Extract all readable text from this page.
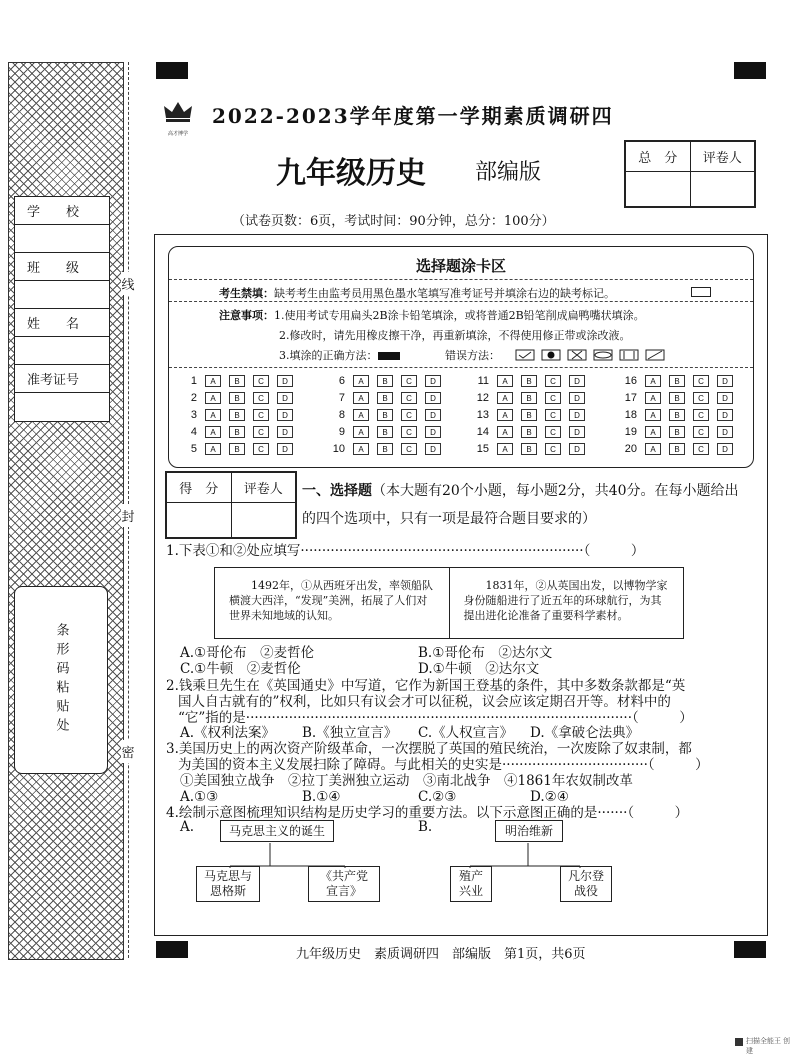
学　　校
班　　级
姓　　名
准考证号
条形码粘贴处
线
封
密
高才博学
2022-2023学年度第一学期素质调研四
九年级历史 部编版
总　分	评卷人

（试卷页数：6页，考试时间：90分钟，总分：100分）
选择题涂卡区
考生禁填：缺考考生由监考员用黑色墨水笔填写准考证号并填涂右边的缺考标记。
注意事项：1.使用考试专用扁头2B涂卡铅笔填涂，或将普通2B铅笔削成扁鸭嘴状填涂。
2.修改时，请先用橡皮擦干净，再重新填涂，不得使用修正带或涂改液。
3.填涂的正确方法：	错误方法：
1	A	B	C	D
2	A	B	C	D
3	A	B	C	D
4	A	B	C	D
5	A	B	C	D
6	A	B	C	D
7	A	B	C	D
8	A	B	C	D
9	A	B	C	D
10	A	B	C	D
11	A	B	C	D
12	A	B	C	D
13	A	B	C	D
14	A	B	C	D
15	A	B	C	D
16	A	B	C	D
17	A	B	C	D
18	A	B	C	D
19	A	B	C	D
20	A	B	C	D
得　分	评卷人
	一、选择题（本大题有20个小题，每小题2分，共40分。在每小题给出
的四个选项中，只有一项是最符合题目要求的）
1.下表①和②处应填写··································································（　　　）
1492年，①从西班牙出发，率领船队横渡大西洋，“发现”美洲，拓展了人们对世界未知地域的认知。
1831年，②从英国出发，以博物学家身份随船进行了近五年的环球航行，为其提出进化论准备了重要科学素材。
A.①哥伦布　②麦哲伦	B.①哥伦布　②达尔文
C.①牛顿　②麦哲伦	D.①牛顿　②达尔文
2.钱乘旦先生在《英国通史》中写道，它作为新国王登基的条件，其中多数条款都是“英
国人自古就有的”权利，比如只有议会才可以征税，议会应该定期召开等。材料中的
“它”指的是··························································································（　　　）
A.《权利法案》 B.《独立宣言》 C.《人权宣言》 D.《拿破仑法典》
3.美国历史上的两次资产阶级革命，一次摆脱了英国的殖民统治，一次废除了奴隶制，都
为美国的资本主义发展扫除了障碍。与此相关的史实是··································（　　　）
①美国独立战争　②拉丁美洲独立运动　③南北战争　④1861年农奴制改革
A.①③	B.①④	C.②③	D.②④
4.绘制示意图梳理知识结构是历史学习的重要方法。以下示意图正确的是·······（　　　）
A.	B.
马克思主义的诞生
马克思与恩格斯
《共产党宣言》
明治维新
殖产兴业
凡尔登战役
九年级历史　素质调研四　部编版　第1页，共6页
扫描全能王 创建
